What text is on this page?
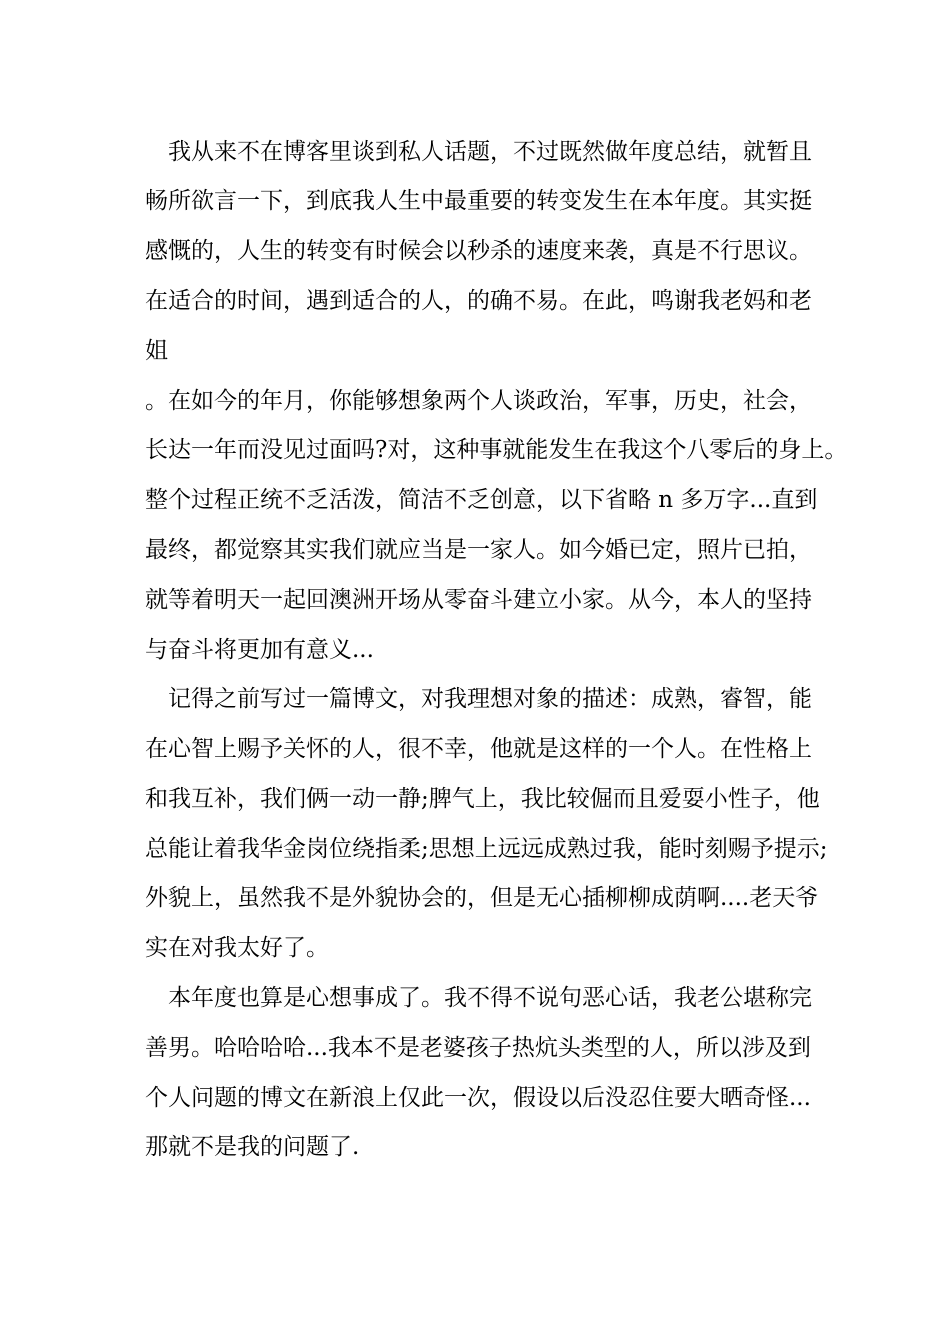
我从来不在博客里谈到私人话题，不过既然做年度总结，就暂且
畅所欲言一下，到底我人生中最重要的转变发生在本年度。其实挺
感慨的，人生的转变有时候会以秒杀的速度来袭，真是不行思议。
在适合的时间，遇到适合的人，的确不易。在此，鸣谢我老妈和老
姐
。在如今的年月，你能够想象两个人谈政治，军事，历史，社会，
长达一年而没见过面吗?对，这种事就能发生在我这个八零后的身上。
整个过程正统不乏活泼，简洁不乏创意，以下省略 n 多万字...直到
最终，都觉察其实我们就应当是一家人。如今婚已定，照片已拍，
就等着明天一起回澳洲开场从零奋斗建立小家。从今，本人的坚持
与奋斗将更加有意义...
记得之前写过一篇博文，对我理想对象的描述：成熟，睿智，能
在心智上赐予关怀的人，很不幸，他就是这样的一个人。在性格上
和我互补，我们俩一动一静;脾气上，我比较倔而且爱耍小性子，他
总能让着我华金岗位绕指柔;思想上远远成熟过我，能时刻赐予提示;
外貌上，虽然我不是外貌协会的，但是无心插柳柳成荫啊....老天爷
实在对我太好了。
本年度也算是心想事成了。我不得不说句恶心话，我老公堪称完
善男。哈哈哈哈...我本不是老婆孩子热炕头类型的人，所以涉及到
个人问题的博文在新浪上仅此一次，假设以后没忍住要大晒奇怪...
那就不是我的问题了.
